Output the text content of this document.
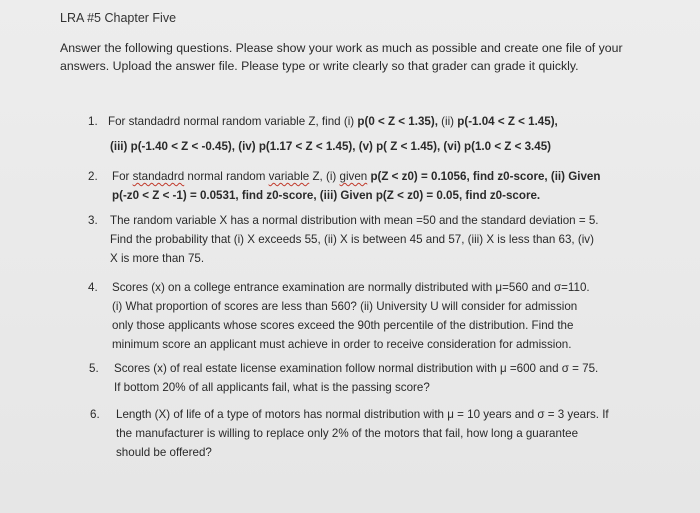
LRA #5 Chapter Five
Answer the following questions. Please show your work as much as possible and create one file of your
answers. Upload the answer file. Please type or write clearly so that grader can grade it quickly.
1. For standadrd normal random variable Z, find (i) p(0 < Z < 1.35), (ii) p(-1.04 < Z < 1.45),
(iii) p(-1.40 < Z < -0.45), (iv) p(1.17 < Z < 1.45), (v) p( Z < 1.45), (vi) p(1.0 < Z < 3.45)
2. For standadrd normal random variable Z, (i) given p(Z < z0) = 0.1056, find z0-score, (ii) Given
p(-z0 < Z < -1) = 0.0531, find z0-score, (iii) Given p(Z < z0) = 0.05, find z0-score.
3. The random variable X has a normal distribution with mean =50 and the standard deviation = 5.
Find the probability that (i) X exceeds 55, (ii) X is between 45 and 57, (iii) X is less than 63, (iv)
X is more than 75.
4. Scores (x) on a college entrance examination are normally distributed with μ=560 and σ=110.
(i) What proportion of scores are less than 560? (ii) University U will consider for admission
only those applicants whose scores exceed the 90th percentile of the distribution. Find the
minimum score an applicant must achieve in order to receive consideration for admission.
5. Scores (x) of real estate license examination follow normal distribution with μ =600 and σ = 75.
If bottom 20% of all applicants fail, what is the passing score?
6. Length (X) of life of a type of motors has normal distribution with μ = 10 years and σ = 3 years. If
the manufacturer is willing to replace only 2% of the motors that fail, how long a guarantee
should be offered?
